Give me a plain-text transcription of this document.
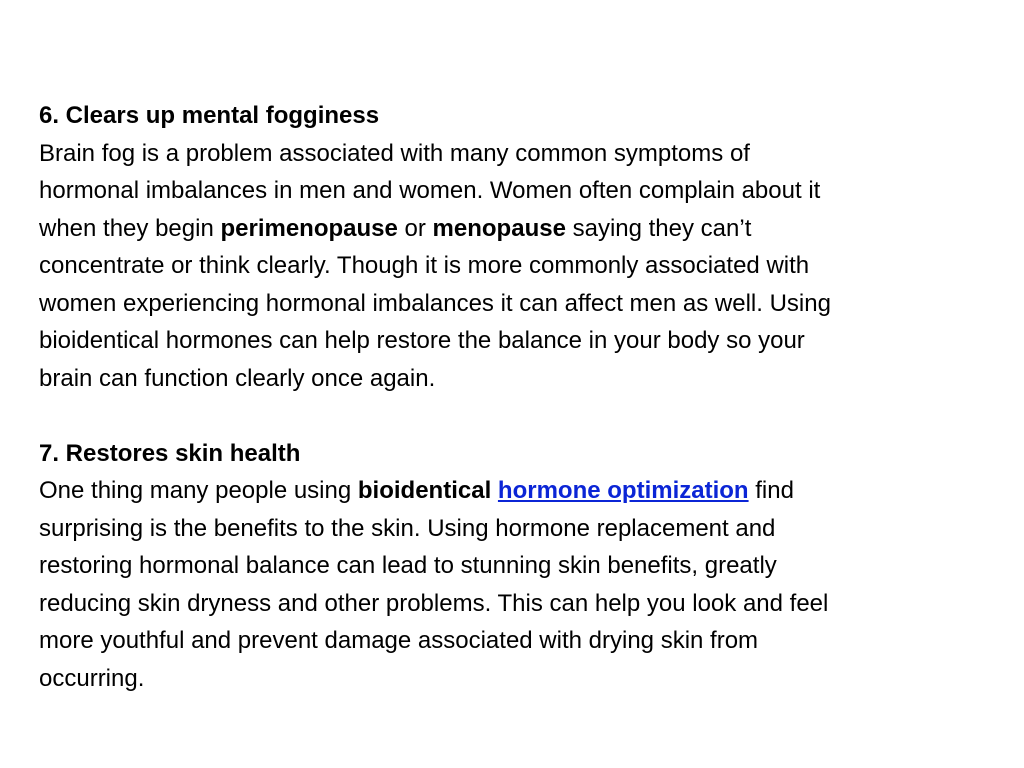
6. Clears up mental fogginess
Brain fog is a problem associated with many common symptoms of
hormonal imbalances in men and women. Women often complain about it
when they begin perimenopause or menopause saying they can’t
concentrate or think clearly. Though it is more commonly associated with
women experiencing hormonal imbalances it can affect men as well. Using
bioidentical hormones can help restore the balance in your body so your
brain can function clearly once again.
7. Restores skin health
One thing many people using bioidentical hormone optimization find
surprising is the benefits to the skin. Using hormone replacement and
restoring hormonal balance can lead to stunning skin benefits, greatly
reducing skin dryness and other problems. This can help you look and feel
more youthful and prevent damage associated with drying skin from
occurring.
